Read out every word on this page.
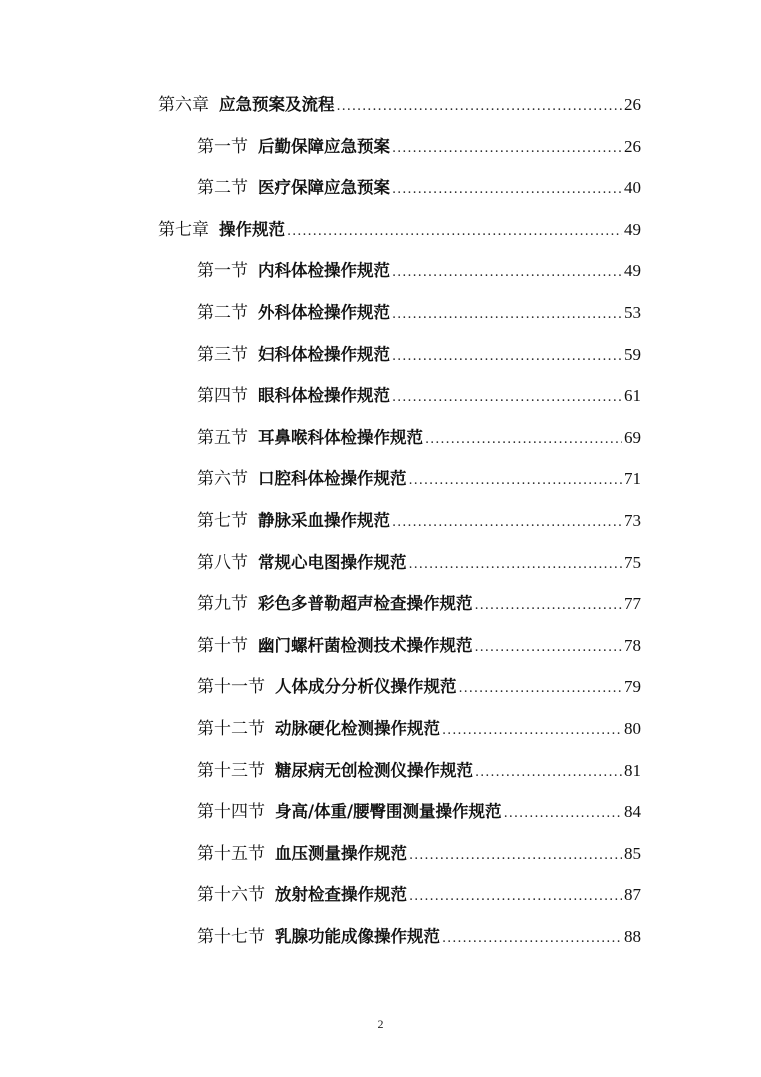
第六章 应急预案及流程 .....	26
第一节 后勤保障应急预案 .....	26
第二节 医疗保障应急预案 .....	40
第七章 操作规范 .....	49
第一节 内科体检操作规范 .....	49
第二节 外科体检操作规范 .....	53
第三节 妇科体检操作规范 .....	59
第四节 眼科体检操作规范 .....	61
第五节 耳鼻喉科体检操作规范 .....	69
第六节 口腔科体检操作规范 .....	71
第七节 静脉采血操作规范 .....	73
第八节 常规心电图操作规范 .....	75
第九节 彩色多普勒超声检查操作规范 .....	77
第十节 幽门螺杆菌检测技术操作规范 .....	78
第十一节 人体成分分析仪操作规范 .....	79
第十二节 动脉硬化检测操作规范 .....	80
第十三节 糖尿病无创检测仪操作规范 .....	81
第十四节 身高/体重/腰臀围测量操作规范 .....	84
第十五节 血压测量操作规范 .....	85
第十六节 放射检查操作规范 .....	87
第十七节 乳腺功能成像操作规范 .....	88
2
